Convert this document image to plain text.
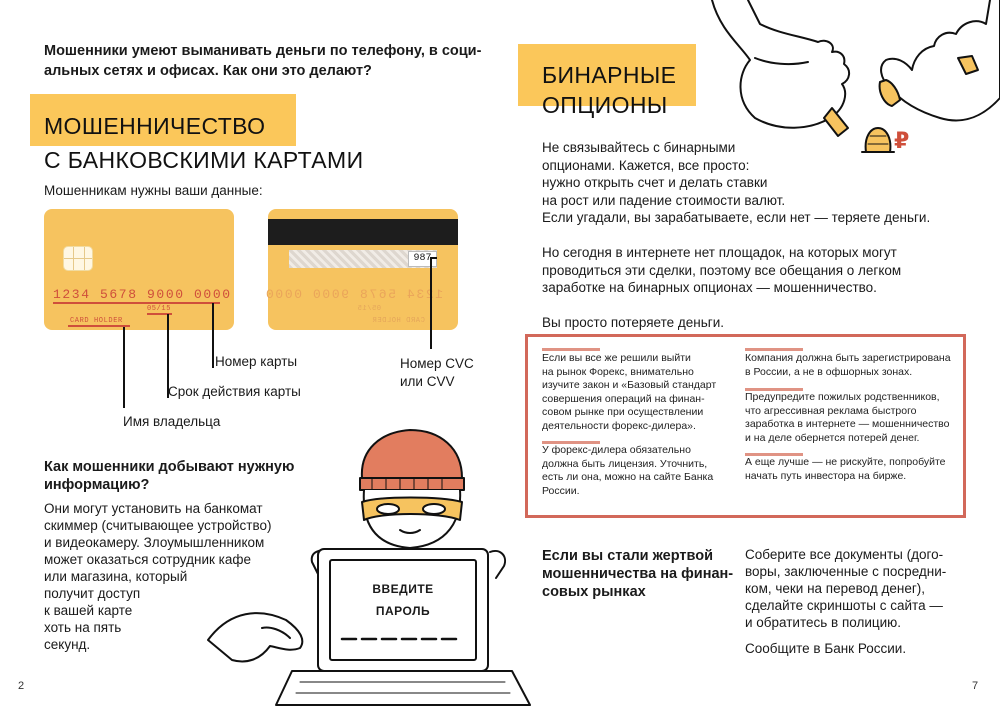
Мошенники умеют выманивать деньги по телефону, в соци-
альных сетях и офисах. Как они это делают?
МОШЕННИЧЕСТВО
С БАНКОВСКИМИ КАРТАМИ
Мошенникам нужны ваши данные:
1234 5678 9000 0000
05/15
CARD HOLDER
987
1234 5678 9000 0000
05/15
CARD HOLDER
Номер карты
Срок действия карты
Имя владельца
Номер CVC или CVV
Как мошенники добывают нужную информацию?
Они могут установить на банкомат
скиммер (считывающее устройство)
и видеокамеру. Злоумышленником
может оказаться сотрудник кафе
или магазина, который
получит доступ
к вашей карте
хоть на пять
секунд.
ВВЕДИТЕ
ПАРОЛЬ
2
БИНАРНЫЕ
ОПЦИОНЫ
₽
Не связывайтесь с бинарными
опционами. Кажется, все просто:
нужно открыть счет и делать ставки
на рост или падение стоимости валют.
Если угадали, вы зарабатываете, если нет — теряете деньги.
Но сегодня в интернете нет площадок, на которых могут
проводиться эти сделки, поэтому все обещания о легком
заработке на бинарных опционах — мошенничество.
Вы просто потеряете деньги.
Если вы все же решили выйти
на рынок Форекс, внимательно
изучите закон и «Базовый стандарт
совершения операций на финан-
совом рынке при осуществлении
деятельности форекс-дилера».
У форекс-дилера обязательно
должна быть лицензия. Уточнить,
есть ли она, можно на сайте Банка
России.
Компания должна быть зарегистрирована
в России, а не в офшорных зонах.
Предупредите пожилых родственников,
что агрессивная реклама быстрого
заработка в интернете — мошенничество
и на деле обернется потерей денег.
А еще лучше — не рискуйте, попробуйте
начать путь инвестора на бирже.
Если вы стали жертвой
мошенничества на финан-
совых рынках
Соберите все документы (дого-
воры, заключенные с посредни-
ком, чеки на перевод денег),
сделайте скриншоты с сайта —
и обратитесь в полицию.
Сообщите в Банк России.
7
